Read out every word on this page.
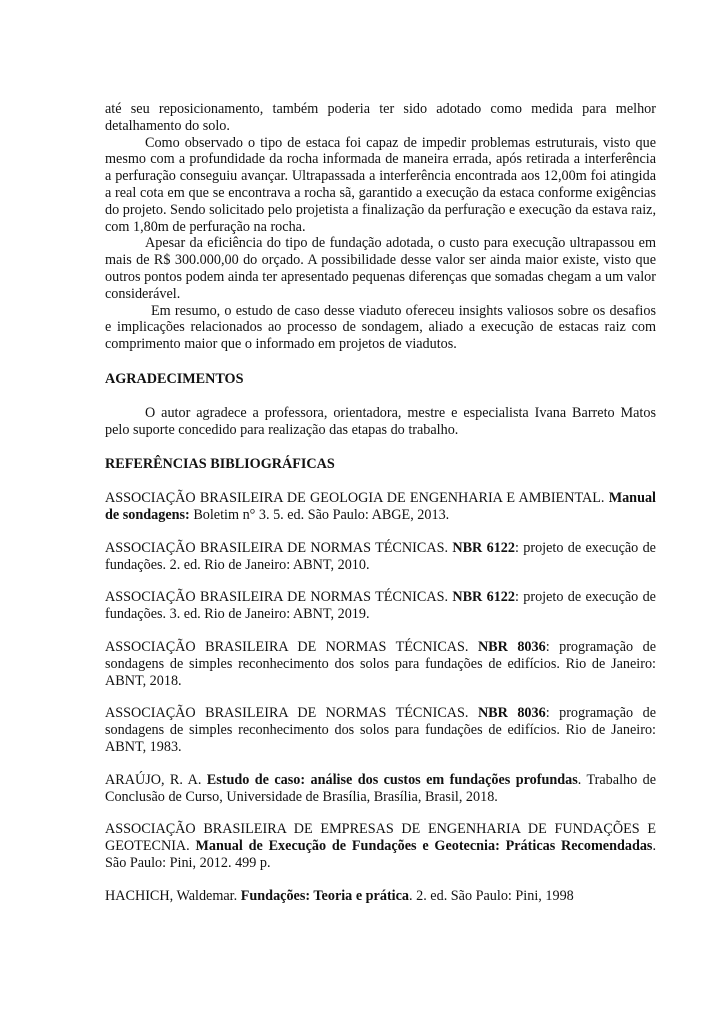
até seu reposicionamento, também poderia ter sido adotado como medida para melhor detalhamento do solo.

Como observado o tipo de estaca foi capaz de impedir problemas estruturais, visto que mesmo com a profundidade da rocha informada de maneira errada, após retirada a interferência a perfuração conseguiu avançar. Ultrapassada a interferência encontrada aos 12,00m foi atingida a real cota em que se encontrava a rocha sã, garantido a execução da estaca conforme exigências do projeto. Sendo solicitado pelo projetista a finalização da perfuração e execução da estava raiz, com 1,80m de perfuração na rocha.

Apesar da eficiência do tipo de fundação adotada, o custo para execução ultrapassou em mais de R$ 300.000,00 do orçado. A possibilidade desse valor ser ainda maior existe, visto que outros pontos podem ainda ter apresentado pequenas diferenças que somadas chegam a um valor considerável.

Em resumo, o estudo de caso desse viaduto ofereceu insights valiosos sobre os desafios e implicações relacionados ao processo de sondagem, aliado a execução de estacas raiz com comprimento maior que o informado em projetos de viadutos.

AGRADECIMENTOS

O autor agradece a professora, orientadora, mestre e especialista Ivana Barreto Matos pelo suporte concedido para realização das etapas do trabalho.

REFERÊNCIAS BIBLIOGRÁFICAS

ASSOCIAÇÃO BRASILEIRA DE GEOLOGIA DE ENGENHARIA E AMBIENTAL. Manual de sondagens: Boletim n° 3. 5. ed. São Paulo: ABGE, 2013.

ASSOCIAÇÃO BRASILEIRA DE NORMAS TÉCNICAS. NBR 6122: projeto de execução de fundações. 2. ed. Rio de Janeiro: ABNT, 2010.

ASSOCIAÇÃO BRASILEIRA DE NORMAS TÉCNICAS. NBR 6122: projeto de execução de fundações. 3. ed. Rio de Janeiro: ABNT, 2019.

ASSOCIAÇÃO BRASILEIRA DE NORMAS TÉCNICAS. NBR 8036: programação de sondagens de simples reconhecimento dos solos para fundações de edifícios. Rio de Janeiro: ABNT, 2018.

ASSOCIAÇÃO BRASILEIRA DE NORMAS TÉCNICAS. NBR 8036: programação de sondagens de simples reconhecimento dos solos para fundações de edifícios. Rio de Janeiro: ABNT, 1983.

ARAÚJO, R. A. Estudo de caso: análise dos custos em fundações profundas. Trabalho de Conclusão de Curso, Universidade de Brasília, Brasília, Brasil, 2018.

ASSOCIAÇÃO BRASILEIRA DE EMPRESAS DE ENGENHARIA DE FUNDAÇÕES E GEOTECNIA. Manual de Execução de Fundações e Geotecnia: Práticas Recomendadas. São Paulo: Pini, 2012. 499 p.

HACHICH, Waldemar. Fundações: Teoria e prática. 2. ed. São Paulo: Pini, 1998
